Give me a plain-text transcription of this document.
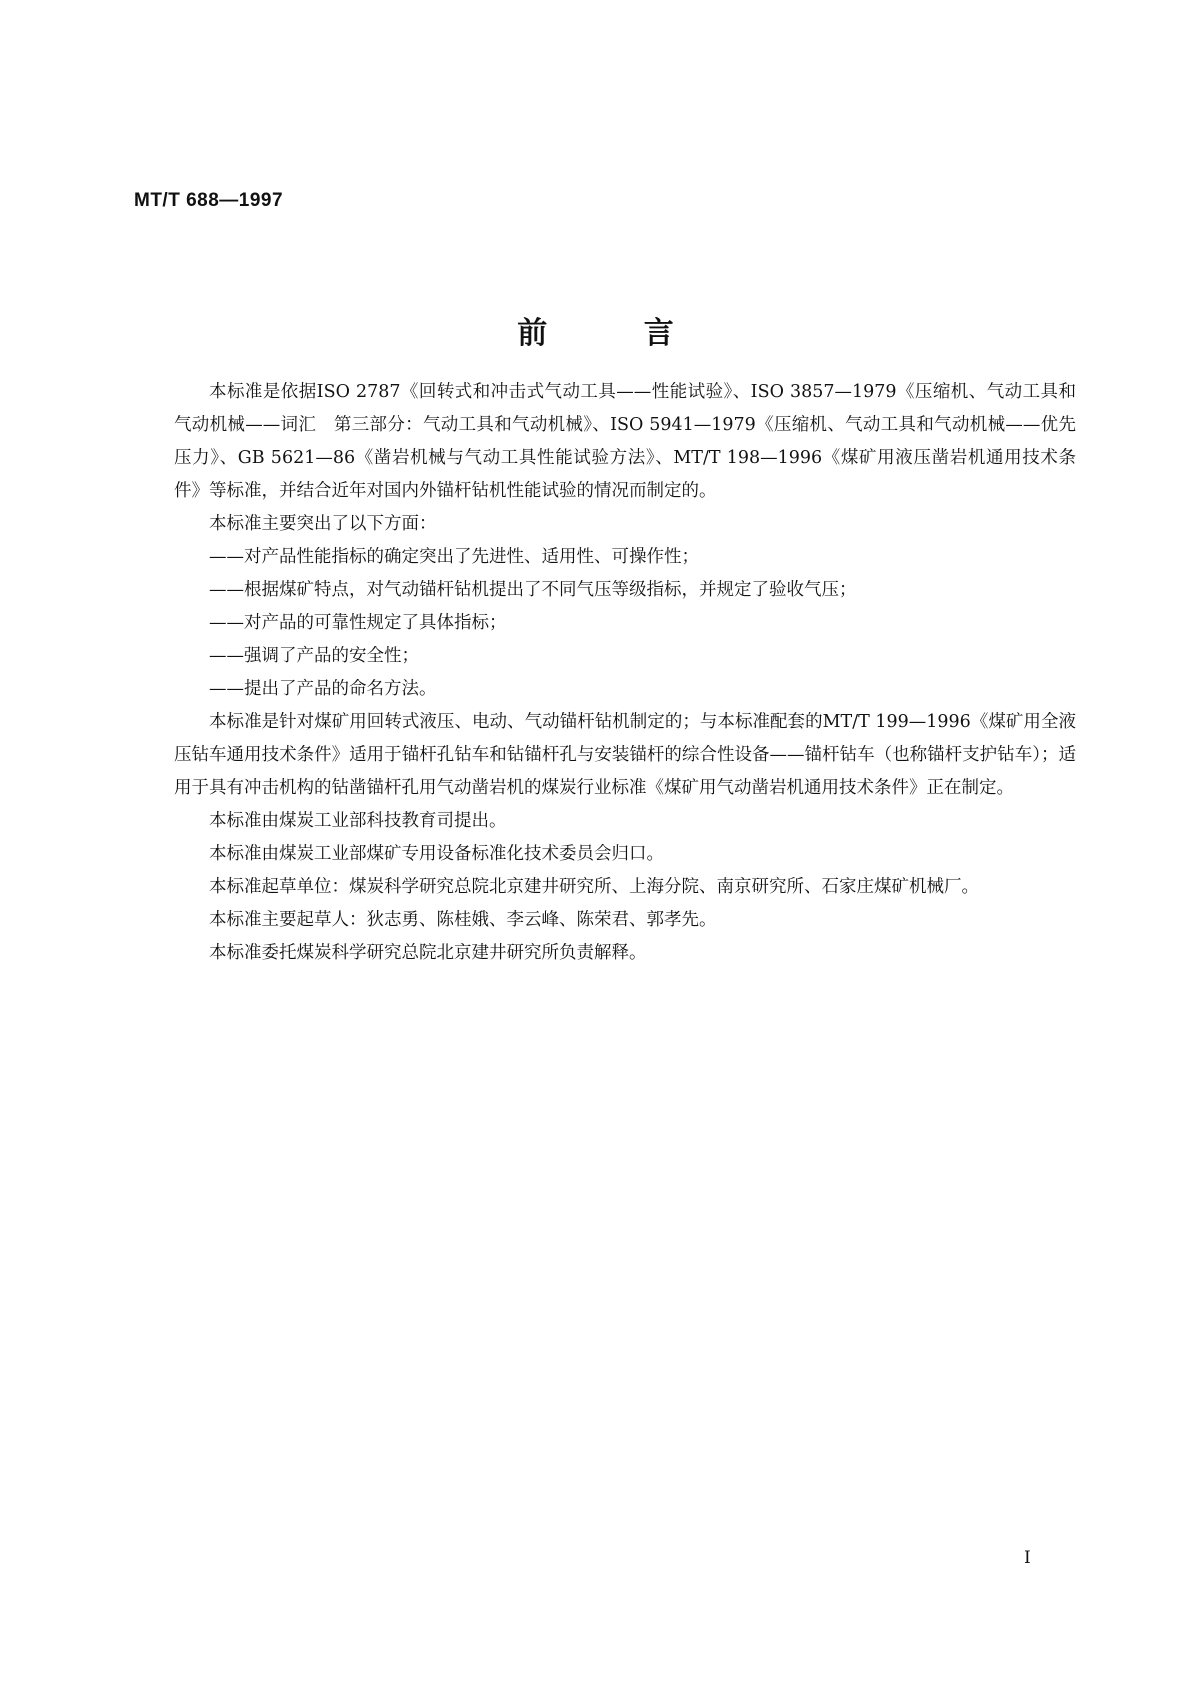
MT/T 688—1997
前 言

本标准是依据ISO 2787《回转式和冲击式气动工具——性能试验》、ISO 3857—1979《压缩机、气动工具和气动机械——词汇　第三部分：气动工具和气动机械》、ISO 5941—1979《压缩机、气动工具和气动机械——优先压力》、GB 5621—86《凿岩机械与气动工具性能试验方法》、MT/T 198—1996《煤矿用液压凿岩机通用技术条件》等标准，并结合近年对国内外锚杆钻机性能试验的情况而制定的。

本标准主要突出了以下方面：

——对产品性能指标的确定突出了先进性、适用性、可操作性；

——根据煤矿特点，对气动锚杆钻机提出了不同气压等级指标，并规定了验收气压；

——对产品的可靠性规定了具体指标；

——强调了产品的安全性；

——提出了产品的命名方法。

本标准是针对煤矿用回转式液压、电动、气动锚杆钻机制定的；与本标准配套的MT/T 199—1996《煤矿用全液压钻车通用技术条件》适用于锚杆孔钻车和钻锚杆孔与安装锚杆的综合性设备——锚杆钻车（也称锚杆支护钻车）；适用于具有冲击机构的钻凿锚杆孔用气动凿岩机的煤炭行业标准《煤矿用气动凿岩机通用技术条件》正在制定。

本标准由煤炭工业部科技教育司提出。

本标准由煤炭工业部煤矿专用设备标准化技术委员会归口。

本标准起草单位：煤炭科学研究总院北京建井研究所、上海分院、南京研究所、石家庄煤矿机械厂。

本标准主要起草人：狄志勇、陈桂娥、李云峰、陈荣君、郭孝先。

本标准委托煤炭科学研究总院北京建井研究所负责解释。

I
